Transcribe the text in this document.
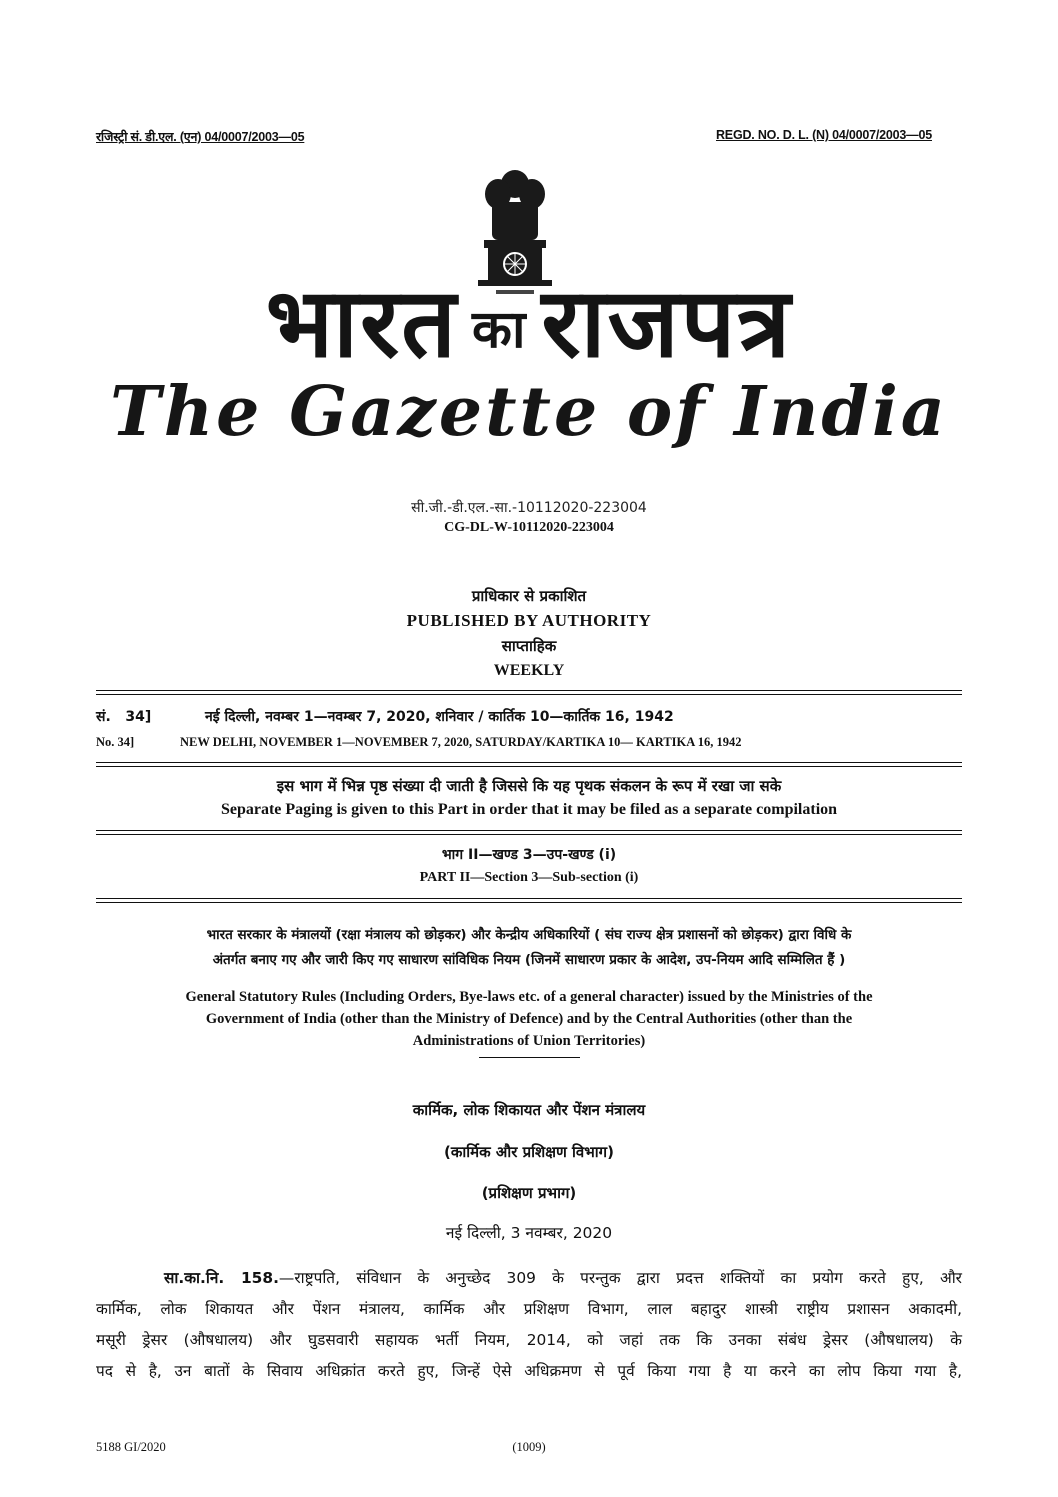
रजिस्ट्री सं. डी.एल. (एन) 04/0007/2003—05	REGD. NO. D. L. (N) 04/0007/2003—05
भारत का राजपत्र
The Gazette of India
सी.जी.-डी.एल.-सा.-10112020-223004
CG-DL-W-10112020-223004
प्राधिकार से प्रकाशित
PUBLISHED BY AUTHORITY
साप्ताहिक
WEEKLY
सं.   34]	नई दिल्ली, नवम्बर 1—नवम्बर 7, 2020, शनिवार / कार्तिक 10—कार्तिक 16, 1942
No. 34]	NEW DELHI, NOVEMBER 1—NOVEMBER 7, 2020, SATURDAY/KARTIKA 10— KARTIKA 16, 1942
इस भाग में भिन्न पृष्ठ संख्या दी जाती है जिससे कि यह पृथक संकलन के रूप में रखा जा सके
Separate Paging is given to this Part in order that it may be filed as a separate compilation
भाग II—खण्ड 3—उप-खण्ड (i)
PART II—Section 3—Sub-section (i)
भारत सरकार के मंत्रालयों (रक्षा मंत्रालय को छोड़कर) और केन्द्रीय अधिकारियों ( संघ राज्य क्षेत्र प्रशासनों को छोड़कर) द्वारा विधि के
अंतर्गत बनाए गए और जारी किए गए साधारण सांविधिक नियम (जिनमें साधारण प्रकार के आदेश, उप-नियम आदि सम्मिलित हैं )
General Statutory Rules (Including Orders, Bye-laws etc. of a general character) issued by the Ministries of the
Government of India (other than the Ministry of Defence) and by the Central Authorities (other than the
Administrations of Union Territories)
कार्मिक, लोक शिकायत और पेंशन मंत्रालय
(कार्मिक और प्रशिक्षण विभाग)
(प्रशिक्षण प्रभाग)
नई दिल्ली, 3 नवम्बर, 2020
सा.का.नि. 158.—राष्ट्रपति, संविधान के अनुच्छेद 309 के परन्तुक द्वारा प्रदत्त शक्तियों का प्रयोग करते हुए, और
कार्मिक, लोक शिकायत और पेंशन मंत्रालय, कार्मिक और प्रशिक्षण विभाग, लाल बहादुर शास्त्री राष्ट्रीय प्रशासन अकादमी,
मसूरी ड्रेसर (औषधालय) और घुडसवारी सहायक भर्ती नियम, 2014, को जहां तक कि उनका संबंध ड्रेसर (औषधालय) के
पद से है, उन बातों के सिवाय अधिक्रांत करते हुए, जिन्हें ऐसे अधिक्रमण से पूर्व किया गया है या करने का लोप किया गया है,
5188 GI/2020	(1009)
